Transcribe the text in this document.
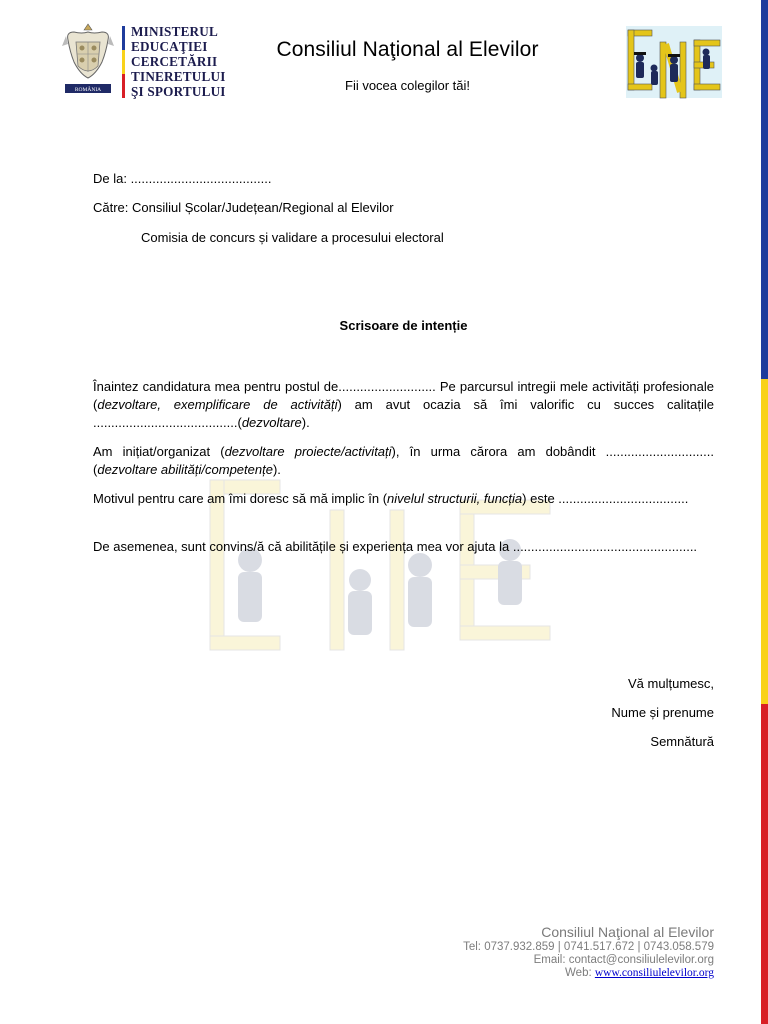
ROMÂNIA
MINISTERUL
EDUCAŢIEI
CERCETĂRII
TINERETULUI
ŞI SPORTULUI
Consiliul Naţional al Elevilor
Fii vocea colegilor tăi!
De la: .......................................
Către: Consiliul Școlar/Județean/Regional al Elevilor
Comisia de concurs și validare a procesului electoral
Scrisoare de intenție
Înaintez candidatura mea pentru postul de........................... Pe parcursul intregii mele activități profesionale (dezvoltare, exemplificare de activități) am avut ocazia să îmi valorific cu succes calitațile ........................................(dezvoltare).
Am inițiat/organizat (dezvoltare proiecte/activitați), în urma cărora am dobândit .............................. (dezvoltare abilități/competențe).
Motivul pentru care am îmi doresc să mă implic în (nivelul structurii, funcția) este ....................................
De asemenea, sunt convins/ă că abilitățile și experiența mea vor ajuta la ...................................................
Vă mulțumesc,
Nume și prenume
Semnătură
Consiliul Naţional al Elevilor
Tel: 0737.932.859 | 0741.517.672 | 0743.058.579
Email: contact@consiliulelevilor.org
Web: www.consiliulelevilor.org
